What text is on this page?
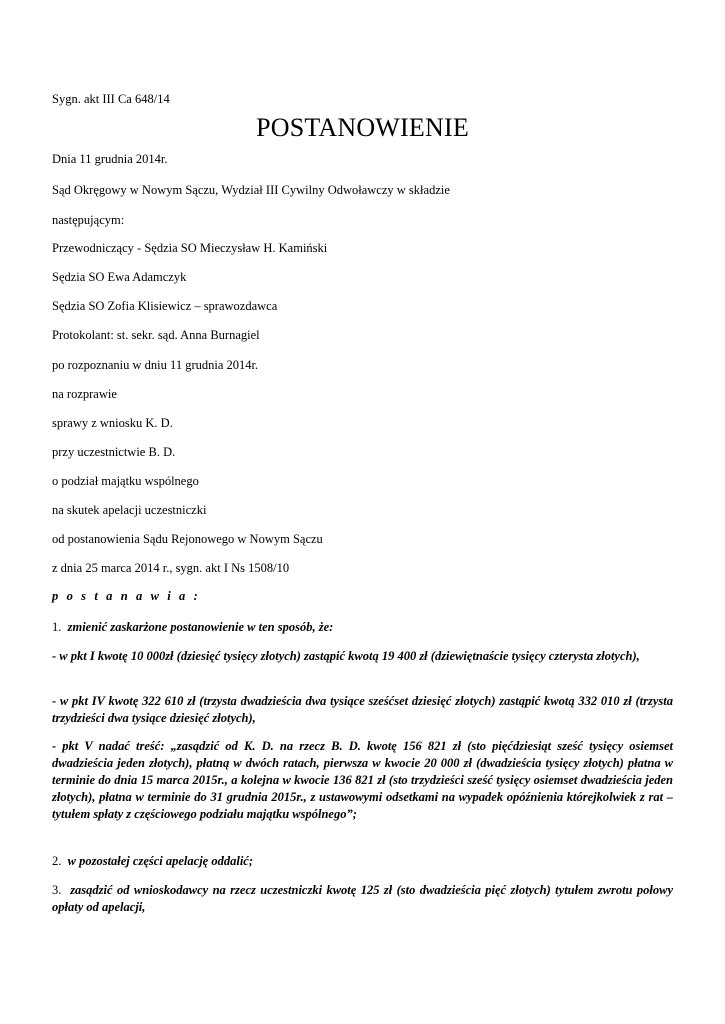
Sygn. akt III Ca 648/14
POSTANOWIENIE
Dnia 11 grudnia 2014r.
Sąd Okręgowy w Nowym Sączu, Wydział III Cywilny Odwoławczy w składzie
następującym:
Przewodniczący - Sędzia SO Mieczysław H. Kamiński
Sędzia SO Ewa Adamczyk
Sędzia SO Zofia Klisiewicz – sprawozdawca
Protokolant: st. sekr. sąd. Anna Burnagiel
po rozpoznaniu w dniu 11 grudnia 2014r.
na rozprawie
sprawy z wniosku K. D.
przy uczestnictwie B. D.
o podział majątku wspólnego
na skutek apelacji uczestniczki
od postanowienia Sądu Rejonowego w Nowym Sączu
z dnia 25 marca 2014 r., sygn. akt I Ns 1508/10
p o s t a n a w i a :
1. zmienić zaskarżone postanowienie w ten sposób, że:
- w pkt I kwotę 10 000zł (dziesięć tysięcy złotych) zastąpić kwotą 19 400 zł (dziewiętnaście tysięcy czterysta złotych),
- w pkt IV kwotę 322 610 zł (trzysta dwadzieścia dwa tysiące sześćset dziesięć złotych) zastąpić kwotą 332 010 zł (trzysta trzydzieści dwa tysiące dziesięć złotych),
- pkt V nadać treść: „zasądzić od K. D. na rzecz B. D. kwotę 156 821 zł (sto pięćdziesiąt sześć tysięcy osiemset dwadzieścia jeden złotych), płatną w dwóch ratach, pierwsza w kwocie 20 000 zł (dwadzieścia tysięcy złotych) płatna w terminie do dnia 15 marca 2015r., a kolejna w kwocie 136 821 zł (sto trzydzieści sześć tysięcy osiemset dwadzieścia jeden złotych), płatna w terminie do 31 grudnia 2015r., z ustawowymi odsetkami na wypadek opóźnienia którejkolwiek z rat – tytułem spłaty z częściowego podziału majątku wspólnego”;
2. w pozostałej części apelację oddalić;
3. zasądzić od wnioskodawcy na rzecz uczestniczki kwotę 125 zł (sto dwadzieścia pięć złotych) tytułem zwrotu połowy opłaty od apelacji,
